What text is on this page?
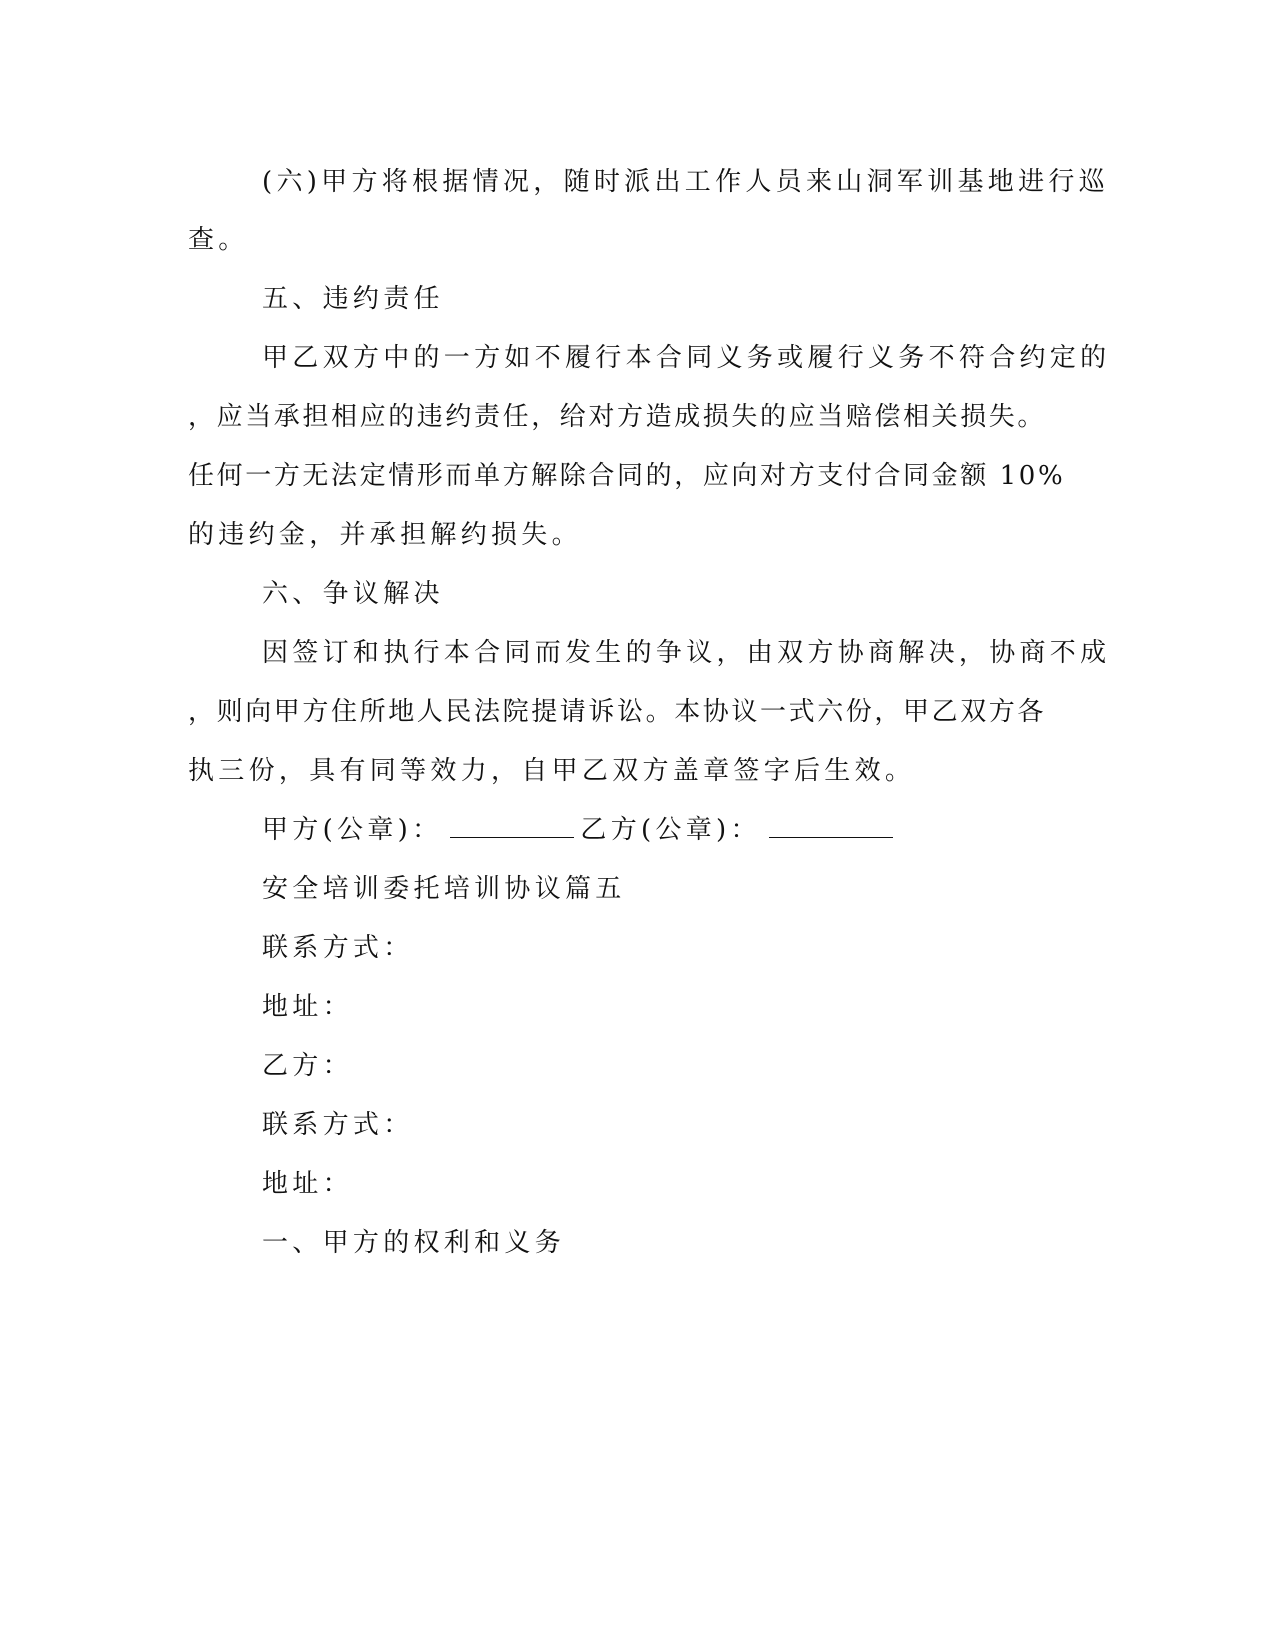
(六)甲方将根据情况，随时派出工作人员来山洞军训基地进行巡
查。
五、违约责任
甲乙双方中的一方如不履行本合同义务或履行义务不符合约定的
，应当承担相应的违约责任，给对方造成损失的应当赔偿相关损失。
任何一方无法定情形而单方解除合同的，应向对方支付合同金额 10%
的违约金，并承担解约损失。
六、争议解决
因签订和执行本合同而发生的争议，由双方协商解决，协商不成
，则向甲方住所地人民法院提请诉讼。本协议一式六份，甲乙双方各
执三份，具有同等效力，自甲乙双方盖章签字后生效。
甲方(公章)：	乙方(公章)：
安全培训委托培训协议篇五
联系方式：
地址：
乙方：
联系方式：
地址：
一、甲方的权利和义务
